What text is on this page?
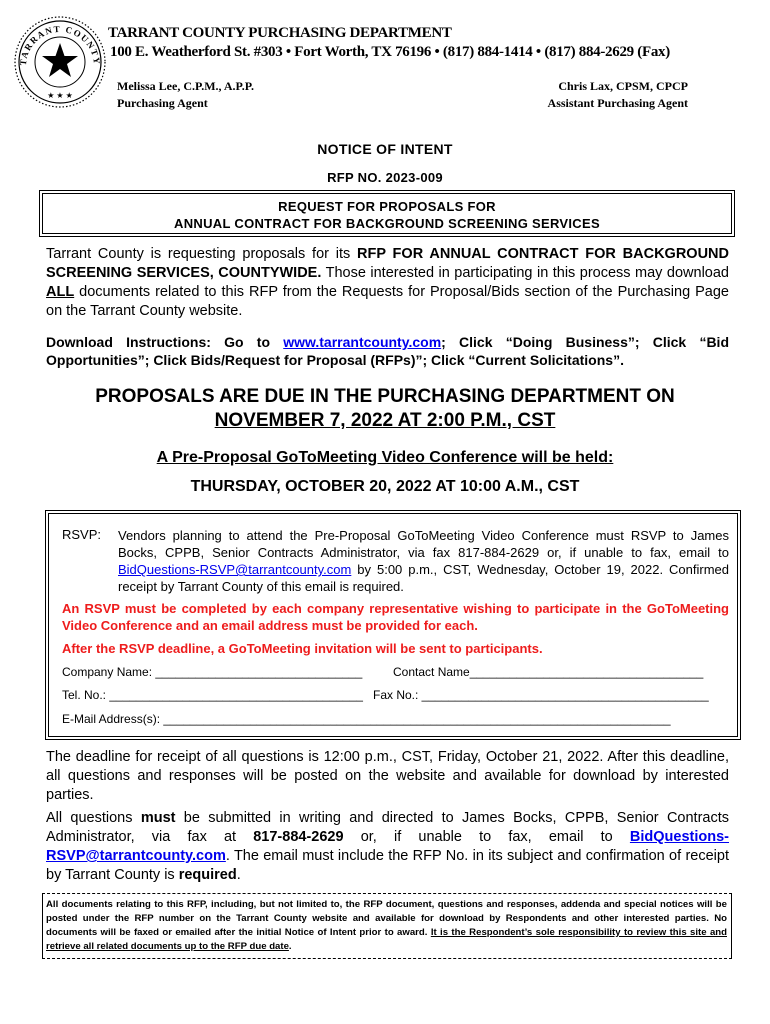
TARRANT COUNTY
★ ★ ★
TARRANT COUNTY PURCHASING DEPARTMENT
100 E. Weatherford St. #303 • Fort Worth, TX 76196 • (817) 884-1414 • (817) 884-2629 (Fax)
Melissa Lee, C.P.M., A.P.P.
Purchasing Agent
Chris Lax, CPSM, CPCP
Assistant Purchasing Agent
NOTICE OF INTENT
RFP NO. 2023-009
REQUEST FOR PROPOSALS FOR
ANNUAL CONTRACT FOR BACKGROUND SCREENING SERVICES
Tarrant County is requesting proposals for its RFP FOR ANNUAL CONTRACT FOR BACKGROUND SCREENING SERVICES, COUNTYWIDE. Those interested in participating in this process may download ALL documents related to this RFP from the Requests for Proposal/Bids section of the Purchasing Page on the Tarrant County website.
Download Instructions: Go to www.tarrantcounty.com; Click “Doing Business”; Click “Bid Opportunities”; Click Bids/Request for Proposal (RFPs)”; Click “Current Solicitations”.
PROPOSALS ARE DUE IN THE PURCHASING DEPARTMENT ON
NOVEMBER 7, 2022 AT 2:00 P.M., CST
A Pre-Proposal GoToMeeting Video Conference will be held:
THURSDAY, OCTOBER 20, 2022 AT 10:00 A.M., CST
RSVP: Vendors planning to attend the Pre-Proposal GoToMeeting Video Conference must RSVP to James Bocks, CPPB, Senior Contracts Administrator, via fax 817-884-2629 or, if unable to fax, email to BidQuestions-RSVP@tarrantcounty.com by 5:00 p.m., CST, Wednesday, October 19, 2022. Confirmed receipt by Tarrant County of this email is required.
An RSVP must be completed by each company representative wishing to participate in the GoToMeeting Video Conference and an email address must be provided for each.
After the RSVP deadline, a GoToMeeting invitation will be sent to participants.
Company Name: _______________________________	Contact Name___________________________________
Tel. No.: ______________________________________ Fax No.: ___________________________________________
E-Mail Address(s): ____________________________________________________________________________
The deadline for receipt of all questions is 12:00 p.m., CST, Friday, October 21, 2022. After this deadline, all questions and responses will be posted on the website and available for download by interested parties.
All questions must be submitted in writing and directed to James Bocks, CPPB, Senior Contracts Administrator, via fax at 817-884-2629 or, if unable to fax, email to BidQuestions-RSVP@tarrantcounty.com. The email must include the RFP No. in its subject and confirmation of receipt by Tarrant County is required.
All documents relating to this RFP, including, but not limited to, the RFP document, questions and responses, addenda and special notices will be posted under the RFP number on the Tarrant County website and available for download by Respondents and other interested parties. No documents will be faxed or emailed after the initial Notice of Intent prior to award. It is the Respondent’s sole responsibility to review this site and retrieve all related documents up to the RFP due date.
